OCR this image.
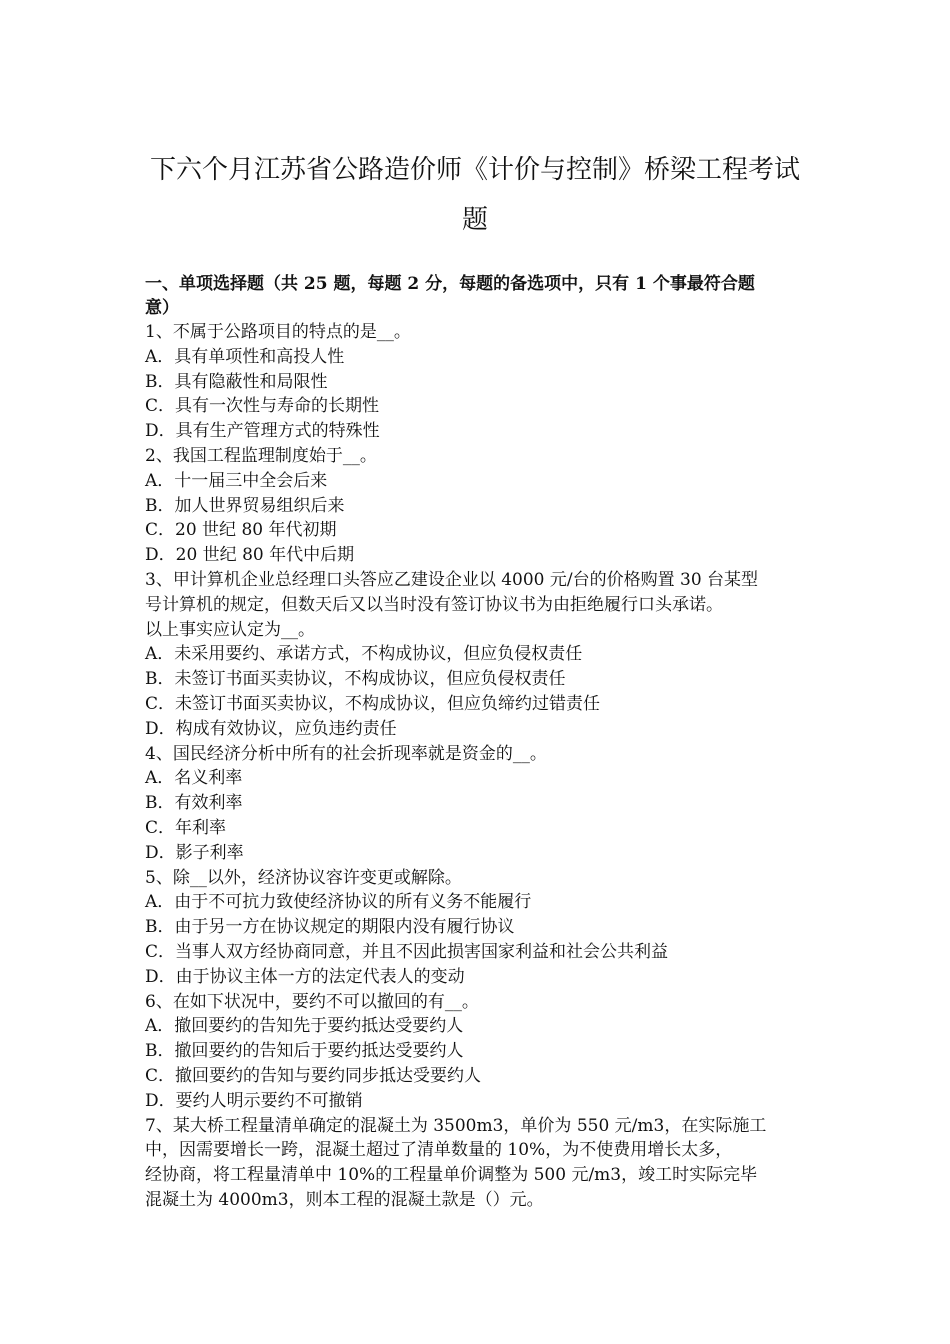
下六个月江苏省公路造价师《计价与控制》桥梁工程考试
题
一、单项选择题（共 25 题，每题 2 分，每题的备选项中，只有 1 个事最符合题
意）

1、不属于公路项目的特点的是__。

A．具有单项性和高投人性

B．具有隐蔽性和局限性

C．具有一次性与寿命的长期性

D．具有生产管理方式的特殊性

2、我国工程监理制度始于__。

A．十一届三中全会后来

B．加人世界贸易组织后来

C．20 世纪 80 年代初期

D．20 世纪 80 年代中后期

3、甲计算机企业总经理口头答应乙建设企业以 4000 元/台的价格购置 30 台某型

号计算机的规定，但数天后又以当时没有签订协议书为由拒绝履行口头承诺。

以上事实应认定为__。

A．未采用要约、承诺方式，不构成协议，但应负侵权责任

B．未签订书面买卖协议，不构成协议，但应负侵权责任

C．未签订书面买卖协议，不构成协议，但应负缔约过错责任

D．构成有效协议，应负违约责任

4、国民经济分析中所有的社会折现率就是资金的__。

A．名义利率

B．有效利率

C．年利率

D．影子利率

5、除__以外，经济协议容许变更或解除。

A．由于不可抗力致使经济协议的所有义务不能履行

B．由于另一方在协议规定的期限内没有履行协议

C．当事人双方经协商同意，并且不因此损害国家利益和社会公共利益

D．由于协议主体一方的法定代表人的变动

6、在如下状况中，要约不可以撤回的有__。

A．撤回要约的告知先于要约抵达受要约人

B．撤回要约的告知后于要约抵达受要约人

C．撤回要约的告知与要约同步抵达受要约人

D．要约人明示要约不可撤销

7、某大桥工程量清单确定的混凝土为 3500m3，单价为 550 元/m3，在实际施工

中，因需要增长一跨，混凝土超过了清单数量的 10%，为不使费用增长太多，

经协商，将工程量清单中 10%的工程量单价调整为 500 元/m3，竣工时实际完毕

混凝土为 4000m3，则本工程的混凝土款是（）元。
